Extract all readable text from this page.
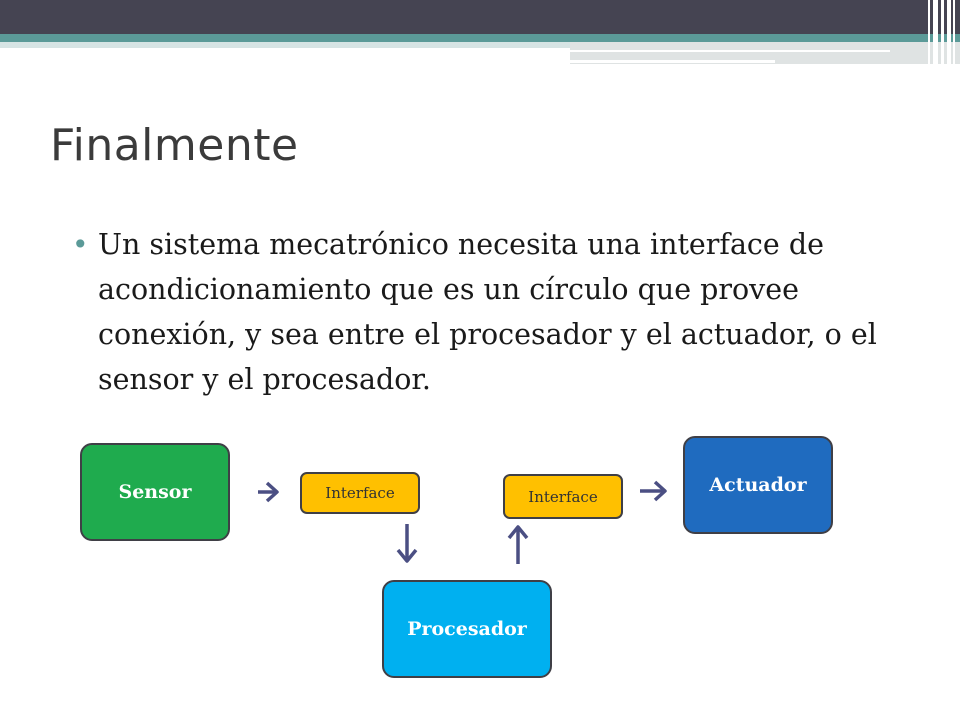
Finalmente
• Un sistema mecatrónico necesita una interface de acondicionamiento que es un círculo que provee conexión, y sea entre el procesador y el actuador, o el sensor y el procesador.
Sensor	Interface	Interface
Actuador
Procesador
